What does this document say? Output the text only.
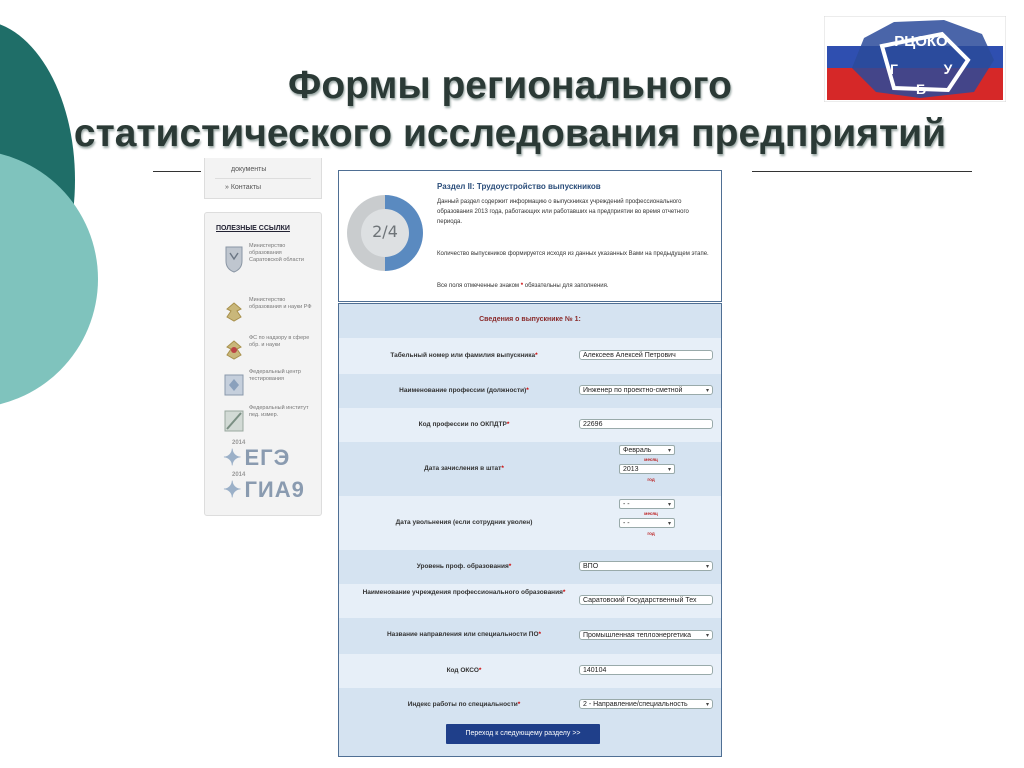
Формы регионального
статистического исследования предприятий
РЦОКО
Г	У
Б
документы
» Контакты
ПОЛЕЗНЫЕ ССЫЛКИ
Министерство образования Саратовской области
Министерство образования и науки РФ
ФС по надзору в сфере обр. и науки
Федеральный центр тестирования
Федеральный институт пед. измер.
2014
✦ЕГЭ
2014
✦ГИА9
2/4
Раздел II: Трудоустройство выпускников
Данный раздел содержит информацию о выпускниках учреждений профессионального образования 2013 года, работающих или работавших на предприятии во время отчетного периода.
Количество выпускников формируется исходя из данных указанных Вами на предыдущем этапе.
Все поля отмеченные знаком * обязательны для заполнения.
Сведения о выпускнике № 1:
Табельный номер или фамилия выпускника*	Алексеев Алексей Петрович
Наименование профессии (должности)*	Инженер по проектно-сметной ▾
Код профессии по ОКПДТР*	22696
Дата зачисления в штат*
Февраль ▾
месяц
2013 ▾
год
Дата увольнения (если сотрудник уволен)
- - ▾
месяц
- - ▾
год
Уровень проф. образования*	ВПО ▾
Наименование учреждения профессионального образования*
Саратовский Государственный Тех
Название направления или специальности ПО*	Промышленная теплоэнергетика ▾
Код ОКСО*	140104
Индекс работы по специальности*	2 - Направление/специальность ▾
Переход к следующему разделу >>
